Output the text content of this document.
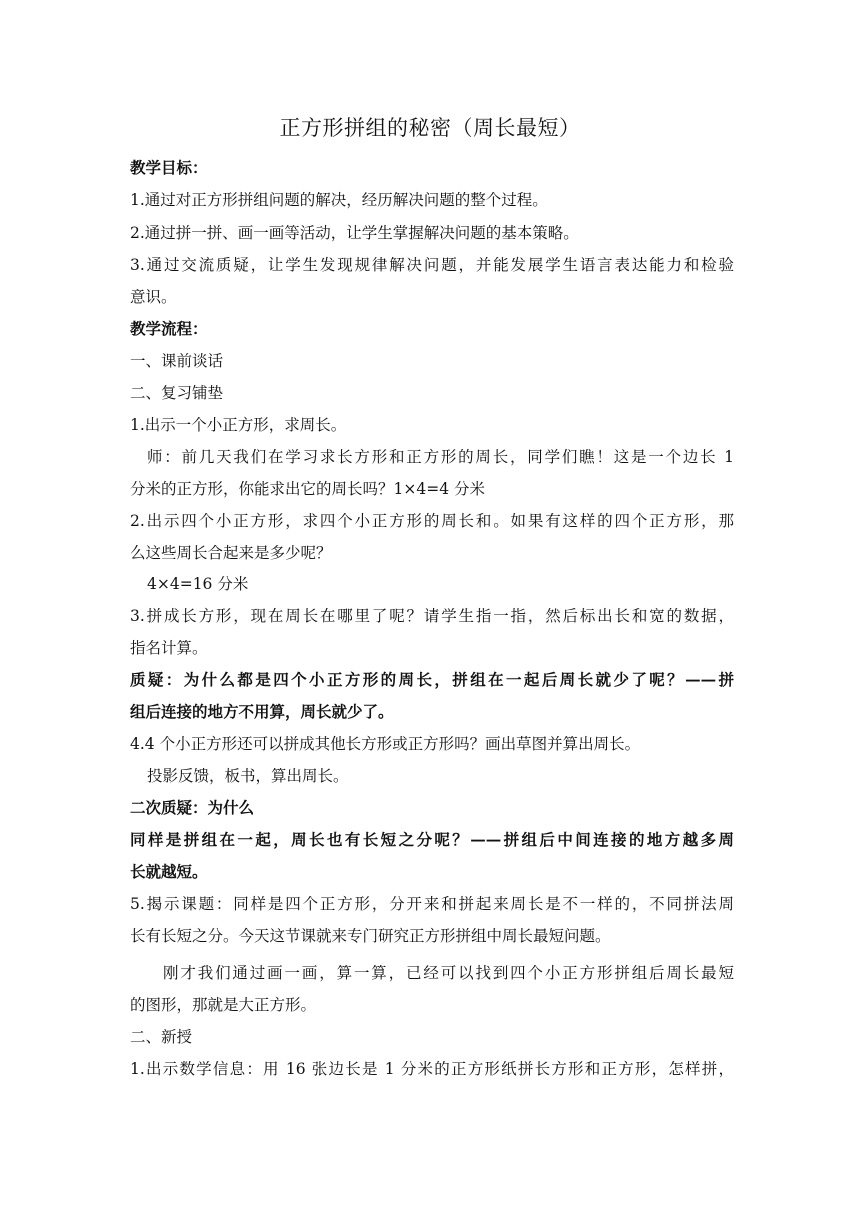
正方形拼组的秘密（周长最短）
教学目标：
1.通过对正方形拼组问题的解决，经历解决问题的整个过程。
2.通过拼一拼、画一画等活动，让学生掌握解决问题的基本策略。
3.通过交流质疑，让学生发现规律解决问题，并能发展学生语言表达能力和检验
意识。
教学流程：
一、课前谈话
二、复习铺垫
1.出示一个小正方形，求周长。
师：前几天我们在学习求长方形和正方形的周长，同学们瞧！这是一个边长 1
分米的正方形，你能求出它的周长吗？1×4=4 分米
2.出示四个小正方形，求四个小正方形的周长和。如果有这样的四个正方形，那
么这些周长合起来是多少呢？
4×4=16 分米
3.拼成长方形，现在周长在哪里了呢？请学生指一指，然后标出长和宽的数据，
指名计算。
质疑：为什么都是四个小正方形的周长，拼组在一起后周长就少了呢？——拼
组后连接的地方不用算，周长就少了。
4.4 个小正方形还可以拼成其他长方形或正方形吗？画出草图并算出周长。
投影反馈，板书，算出周长。
二次质疑：为什么
同样是拼组在一起，周长也有长短之分呢？——拼组后中间连接的地方越多周
长就越短。
5.揭示课题：同样是四个正方形，分开来和拼起来周长是不一样的，不同拼法周
长有长短之分。今天这节课就来专门研究正方形拼组中周长最短问题。
刚才我们通过画一画，算一算，已经可以找到四个小正方形拼组后周长最短
的图形，那就是大正方形。
二、新授
1.出示数学信息：用 16 张边长是 1 分米的正方形纸拼长方形和正方形，怎样拼，
